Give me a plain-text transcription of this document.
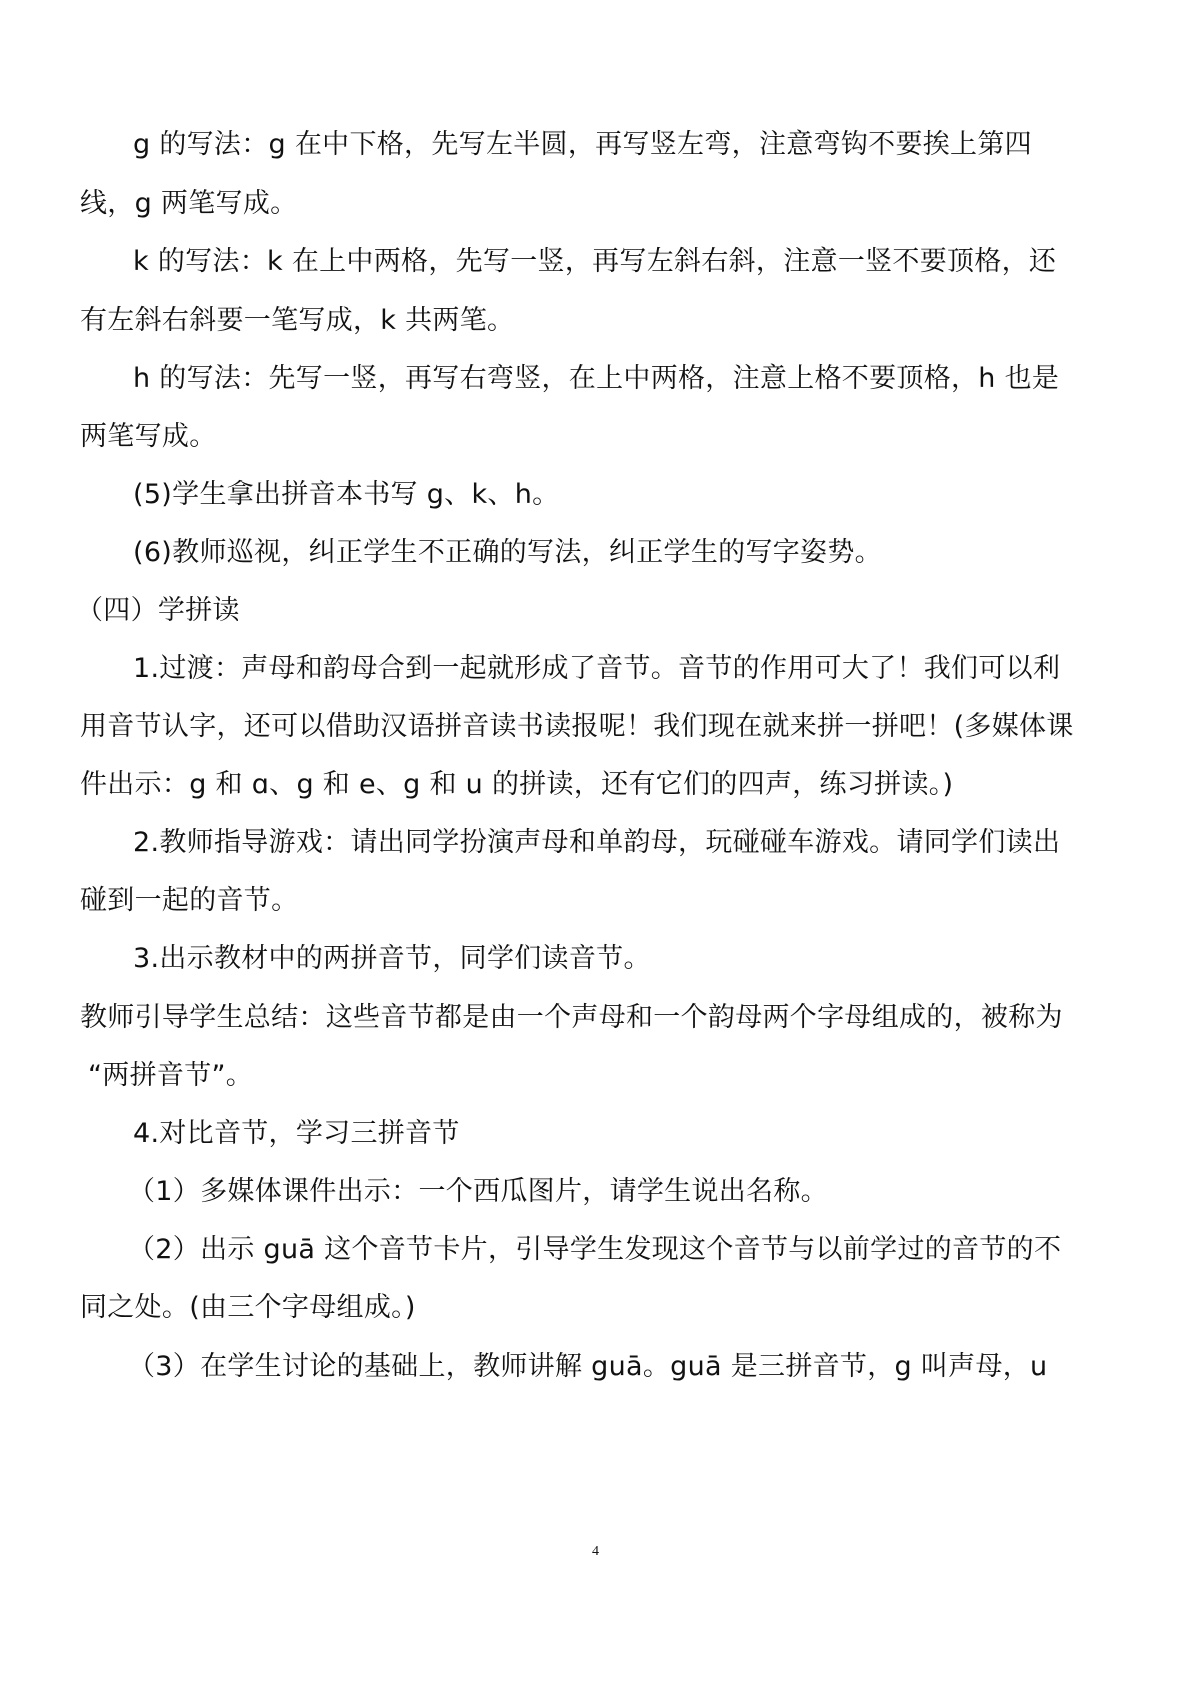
g 的写法：g 在中下格，先写左半圆，再写竖左弯，注意弯钩不要挨上第四
线，g 两笔写成。
k 的写法：k 在上中两格，先写一竖，再写左斜右斜，注意一竖不要顶格，还
有左斜右斜要一笔写成，k 共两笔。
h 的写法：先写一竖，再写右弯竖，在上中两格，注意上格不要顶格，h 也是
两笔写成。
(5)学生拿出拼音本书写 g、k、h。
(6)教师巡视，纠正学生不正确的写法，纠正学生的写字姿势。
（四）学拼读
1.过渡：声母和韵母合到一起就形成了音节。音节的作用可大了！我们可以利
用音节认字，还可以借助汉语拼音读书读报呢！我们现在就来拼一拼吧！(多媒体课
件出示：g 和 ɑ、g 和 e、g 和 u 的拼读，还有它们的四声，练习拼读。)
2.教师指导游戏：请出同学扮演声母和单韵母，玩碰碰车游戏。请同学们读出
碰到一起的音节。
3.出示教材中的两拼音节，同学们读音节。
教师引导学生总结：这些音节都是由一个声母和一个韵母两个字母组成的，被称为
“两拼音节”。
4.对比音节，学习三拼音节
（1）多媒体课件出示：一个西瓜图片，请学生说出名称。
（2）出示 guā 这个音节卡片，引导学生发现这个音节与以前学过的音节的不
同之处。(由三个字母组成。)
（3）在学生讨论的基础上，教师讲解 guā。guā 是三拼音节，g 叫声母，u
4
